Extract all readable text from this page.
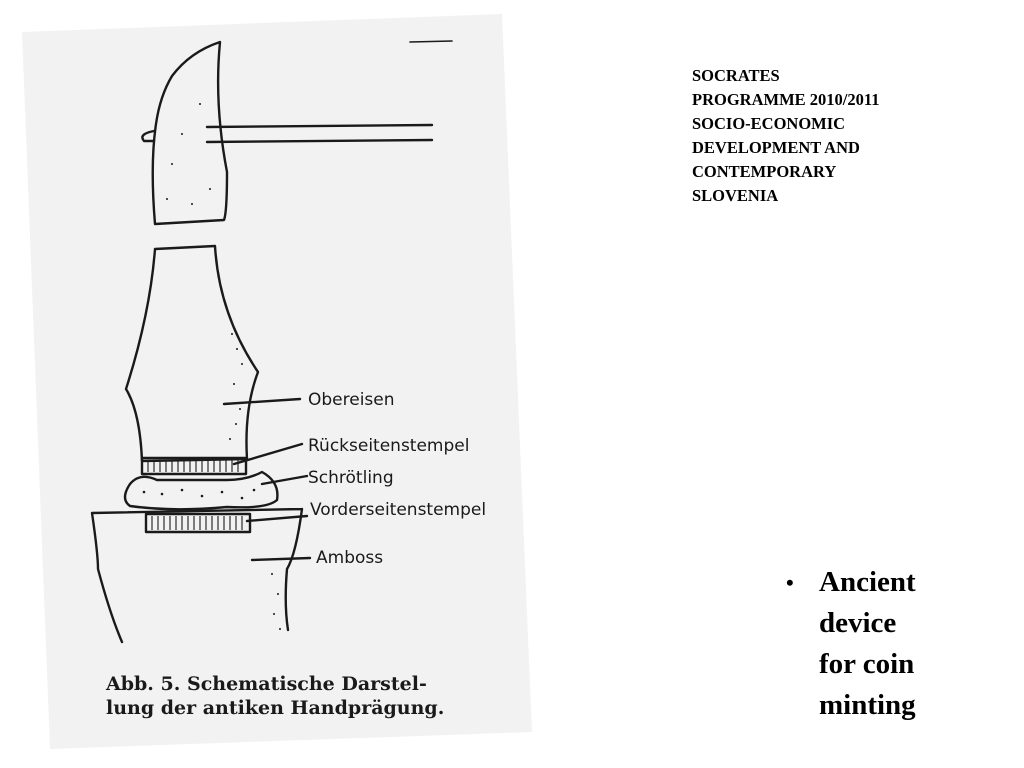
Obereisen
Rückseitenstempel
Schrötling
Vorderseitenstempel
Amboss
Abb. 5. Schematische Darstel-
lung der antiken Handprägung.
SOCRATES
PROGRAMME 2010/2011
SOCIO-ECONOMIC
DEVELOPMENT AND
CONTEMPORARY
SLOVENIA
• Ancient
device
for coin
minting
